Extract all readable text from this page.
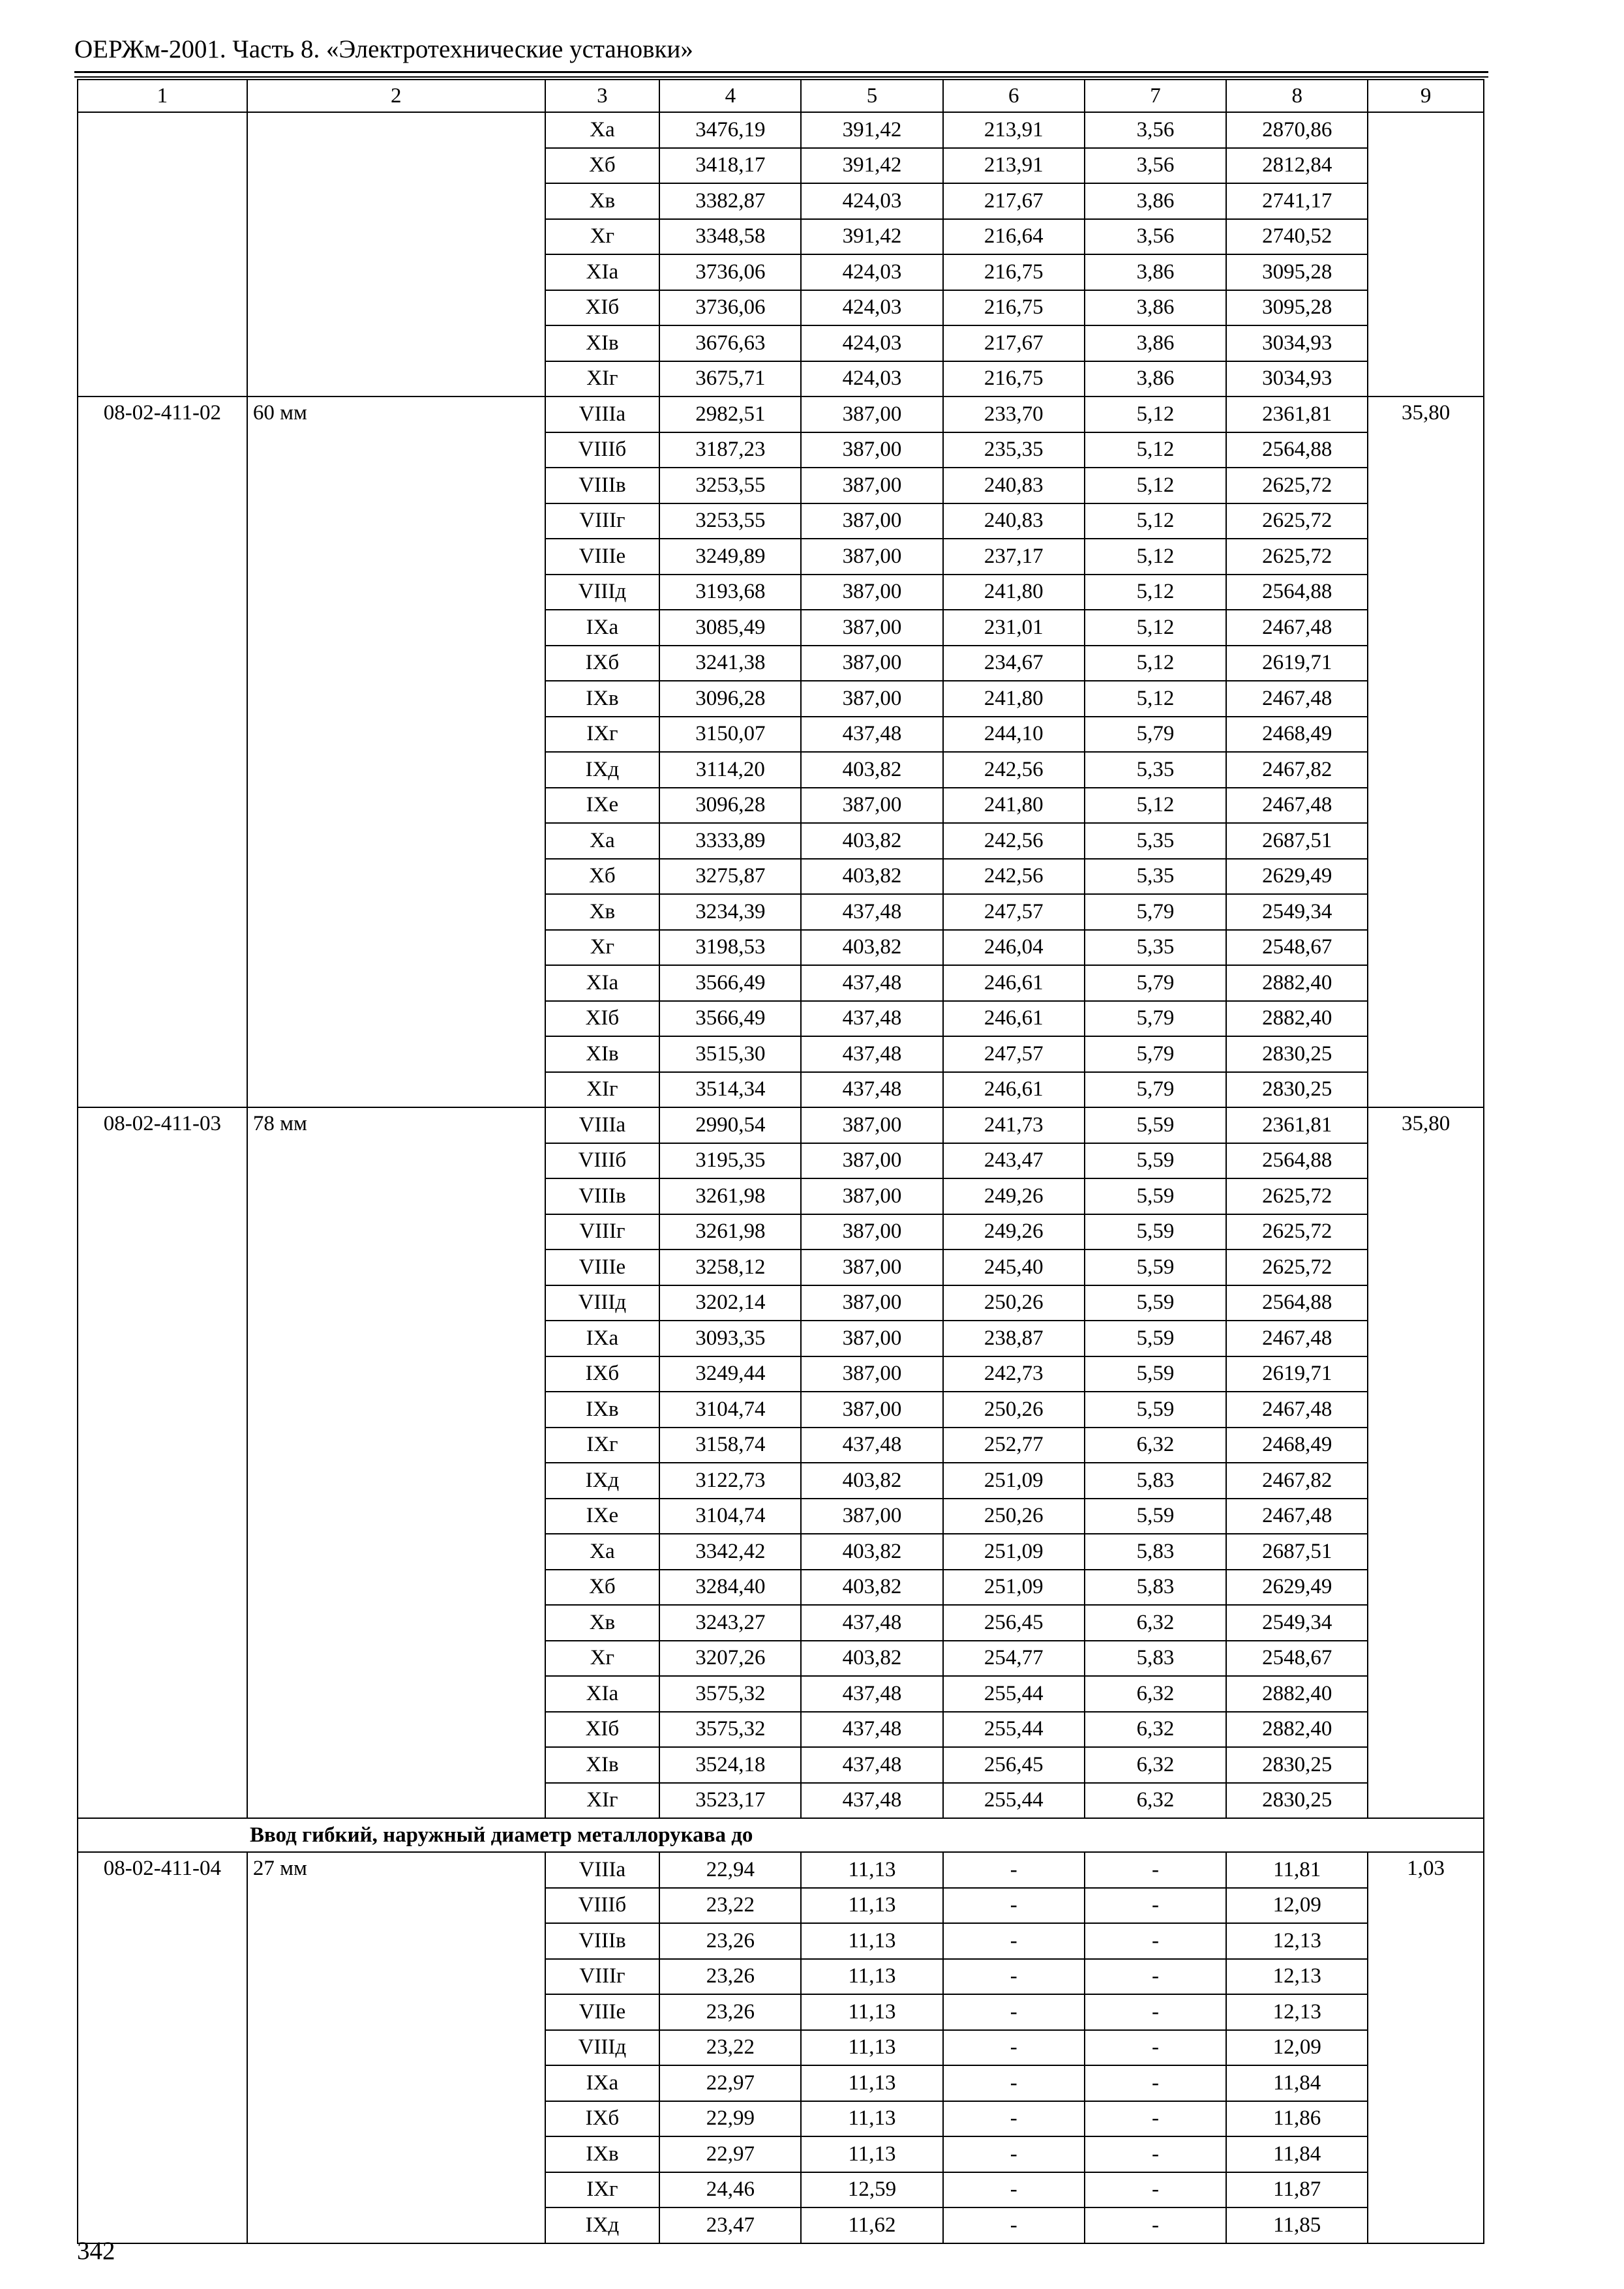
ОЕРЖм-2001. Часть 8. «Электротехнические установки»
1	2	3	4	5	6	7	8	9
		Xa	3476,19	391,42	213,91	3,56	2870,86	
		Xб	3418,17	391,42	213,91	3,56	2812,84	
		Xв	3382,87	424,03	217,67	3,86	2741,17	
		Xг	3348,58	391,42	216,64	3,56	2740,52	
		XIa	3736,06	424,03	216,75	3,86	3095,28	
		XIб	3736,06	424,03	216,75	3,86	3095,28	
		XIв	3676,63	424,03	217,67	3,86	3034,93	
		XIг	3675,71	424,03	216,75	3,86	3034,93	
08-02-411-02	60 мм	VIIIa	2982,51	387,00	233,70	5,12	2361,81	35,80
		VIIIб	3187,23	387,00	235,35	5,12	2564,88	
		VIIIв	3253,55	387,00	240,83	5,12	2625,72	
		VIIIг	3253,55	387,00	240,83	5,12	2625,72	
		VIIIe	3249,89	387,00	237,17	5,12	2625,72	
		VIIIд	3193,68	387,00	241,80	5,12	2564,88	
		IXa	3085,49	387,00	231,01	5,12	2467,48	
		IXб	3241,38	387,00	234,67	5,12	2619,71	
		IXв	3096,28	387,00	241,80	5,12	2467,48	
		IXг	3150,07	437,48	244,10	5,79	2468,49	
		IXд	3114,20	403,82	242,56	5,35	2467,82	
		IXe	3096,28	387,00	241,80	5,12	2467,48	
		Xa	3333,89	403,82	242,56	5,35	2687,51	
		Xб	3275,87	403,82	242,56	5,35	2629,49	
		Xв	3234,39	437,48	247,57	5,79	2549,34	
		Xг	3198,53	403,82	246,04	5,35	2548,67	
		XIa	3566,49	437,48	246,61	5,79	2882,40	
		XIб	3566,49	437,48	246,61	5,79	2882,40	
		XIв	3515,30	437,48	247,57	5,79	2830,25	
		XIг	3514,34	437,48	246,61	5,79	2830,25	
08-02-411-03	78 мм	VIIIa	2990,54	387,00	241,73	5,59	2361,81	35,80
		VIIIб	3195,35	387,00	243,47	5,59	2564,88	
		VIIIв	3261,98	387,00	249,26	5,59	2625,72	
		VIIIг	3261,98	387,00	249,26	5,59	2625,72	
		VIIIe	3258,12	387,00	245,40	5,59	2625,72	
		VIIIд	3202,14	387,00	250,26	5,59	2564,88	
		IXa	3093,35	387,00	238,87	5,59	2467,48	
		IXб	3249,44	387,00	242,73	5,59	2619,71	
		IXв	3104,74	387,00	250,26	5,59	2467,48	
		IXг	3158,74	437,48	252,77	6,32	2468,49	
		IXд	3122,73	403,82	251,09	5,83	2467,82	
		IXe	3104,74	387,00	250,26	5,59	2467,48	
		Xa	3342,42	403,82	251,09	5,83	2687,51	
		Xб	3284,40	403,82	251,09	5,83	2629,49	
		Xв	3243,27	437,48	256,45	6,32	2549,34	
		Xг	3207,26	403,82	254,77	5,83	2548,67	
		XIa	3575,32	437,48	255,44	6,32	2882,40	
		XIб	3575,32	437,48	255,44	6,32	2882,40	
		XIв	3524,18	437,48	256,45	6,32	2830,25	
		XIг	3523,17	437,48	255,44	6,32	2830,25	
Ввод гибкий, наружный диаметр металлорукава до								
08-02-411-04	27 мм	VIIIa	22,94	11,13	-	-	11,81	1,03
		VIIIб	23,22	11,13	-	-	12,09	
		VIIIв	23,26	11,13	-	-	12,13	
		VIIIг	23,26	11,13	-	-	12,13	
		VIIIe	23,26	11,13	-	-	12,13	
		VIIIд	23,22	11,13	-	-	12,09	
		IXa	22,97	11,13	-	-	11,84	
		IXб	22,99	11,13	-	-	11,86	
		IXв	22,97	11,13	-	-	11,84	
		IXг	24,46	12,59	-	-	11,87	
		IXд	23,47	11,62	-	-	11,85	
342
